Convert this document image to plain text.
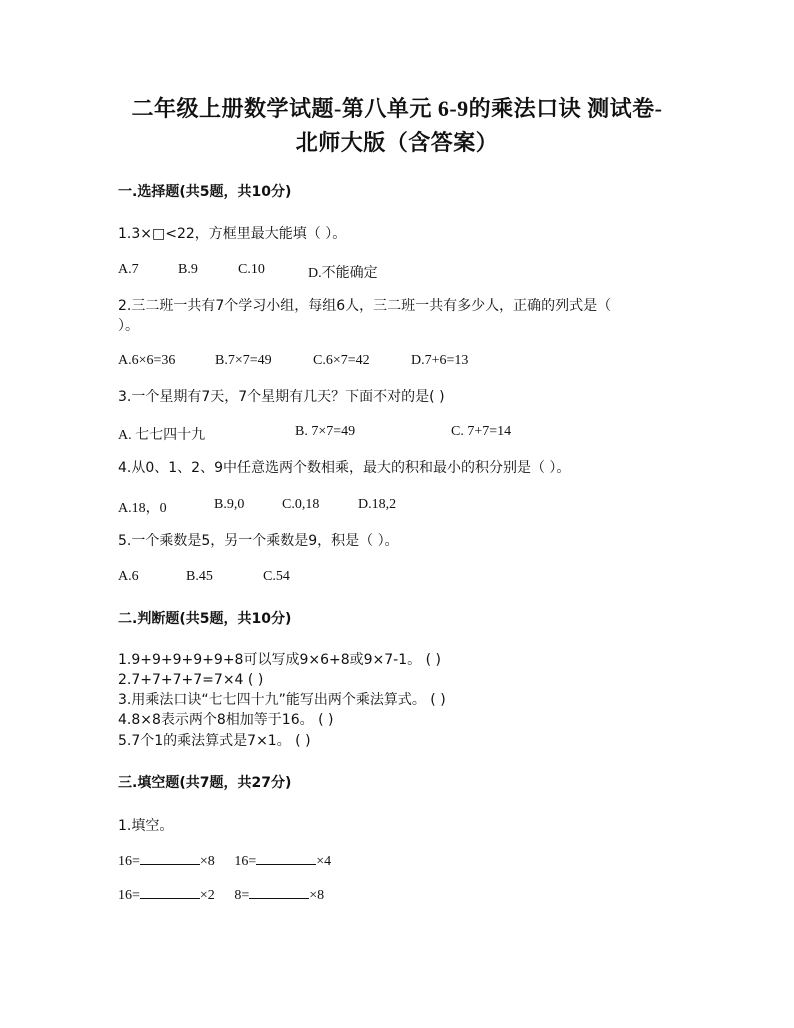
二年级上册数学试题-第八单元 6-9的乘法口诀 测试卷-
北师大版（含答案）
一.选择题(共5题，共10分)
1.3×□<22，方框里最大能填（ ）。
A.7	B.9	C.10	D.不能确定
2.三二班一共有7个学习小组，每组6人，三二班一共有多少人，正确的列式是（
）。
A.6×6=36	B.7×7=49	C.6×7=42	D.7+6=13
3.一个星期有7天，7个星期有几天？下面不对的是( )
A. 七七四十九	B. 7×7=49	C. 7+7=14
4.从0、1、2、9中任意选两个数相乘，最大的积和最小的积分别是（ ）。
A.18，0	B.9,0	C.0,18	D.18,2
5.一个乘数是5，另一个乘数是9，积是（ ）。
A.6	B.45	C.54
二.判断题(共5题，共10分)
1.9+9+9+9+9+8可以写成9×6+8或9×7-1。 ( )
2.7+7+7+7=7×4 ( )
3.用乘法口诀“七七四十九”能写出两个乘法算式。 ( )
4.8×8表示两个8相加等于16。 ( )
5.7个1的乘法算式是7×1。 ( )
三.填空题(共7题，共27分)
1.填空。
16=	×8 16=	×4
16=	×2 8=	×8
